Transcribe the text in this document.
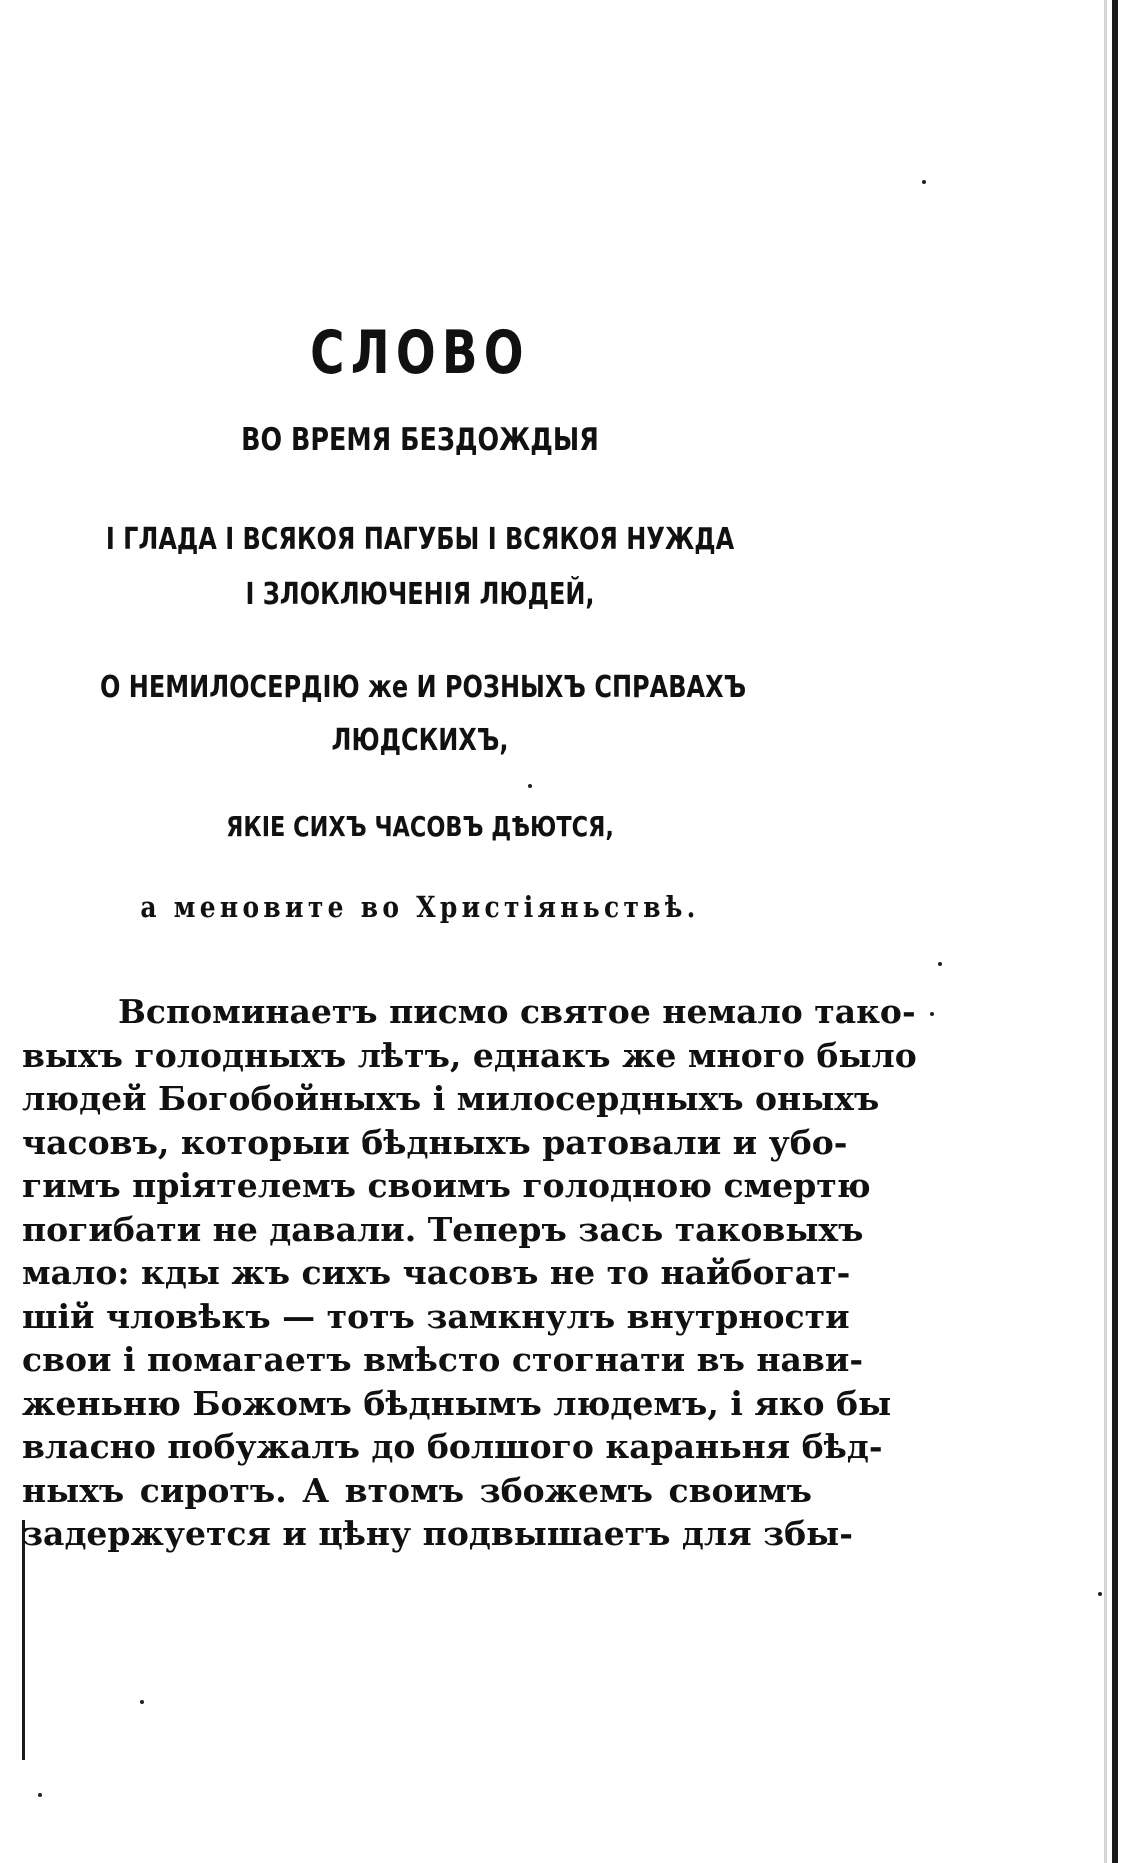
СЛОВО
ВО ВРЕМЯ БЕЗДОЖДЫЯ
І ГЛАДА І ВСЯКОЯ ПАГУБЫ І ВСЯКОЯ НУЖДА
І ЗЛОКЛЮЧЕНІЯ ЛЮДЕЙ,
О НЕМИЛОСЕРДІЮ же И РОЗНЫХЪ СПРАВАХЪ
ЛЮДСКИХЪ,
ЯКІЕ СИХЪ ЧАСОВЪ ДѢЮТСЯ,
а меновите во Христіяньствѣ.
Вспоминаетъ писмо святое немало тако-
выхъ голодныхъ лѣтъ, еднакъ же много было
людей Богобойныхъ і милосердныхъ оныхъ
часовъ, которыи бѣдныхъ ратовали и убо-
гимъ пріятелемъ своимъ голодною смертю
погибати не давали. Теперъ зась таковыхъ
мало: кды жъ сихъ часовъ не то найбогат-
шій чловѣкъ — тотъ замкнулъ внутрности
свои і помагаетъ вмѣсто стогнати въ нави-
женьню Божомъ бѣднымъ людемъ, і яко бы
власно побужалъ до болшого караньня бѣд-
ныхъ сиротъ. А втомъ збожемъ своимъ
задержуется и цѣну подвышаетъ для збы-
